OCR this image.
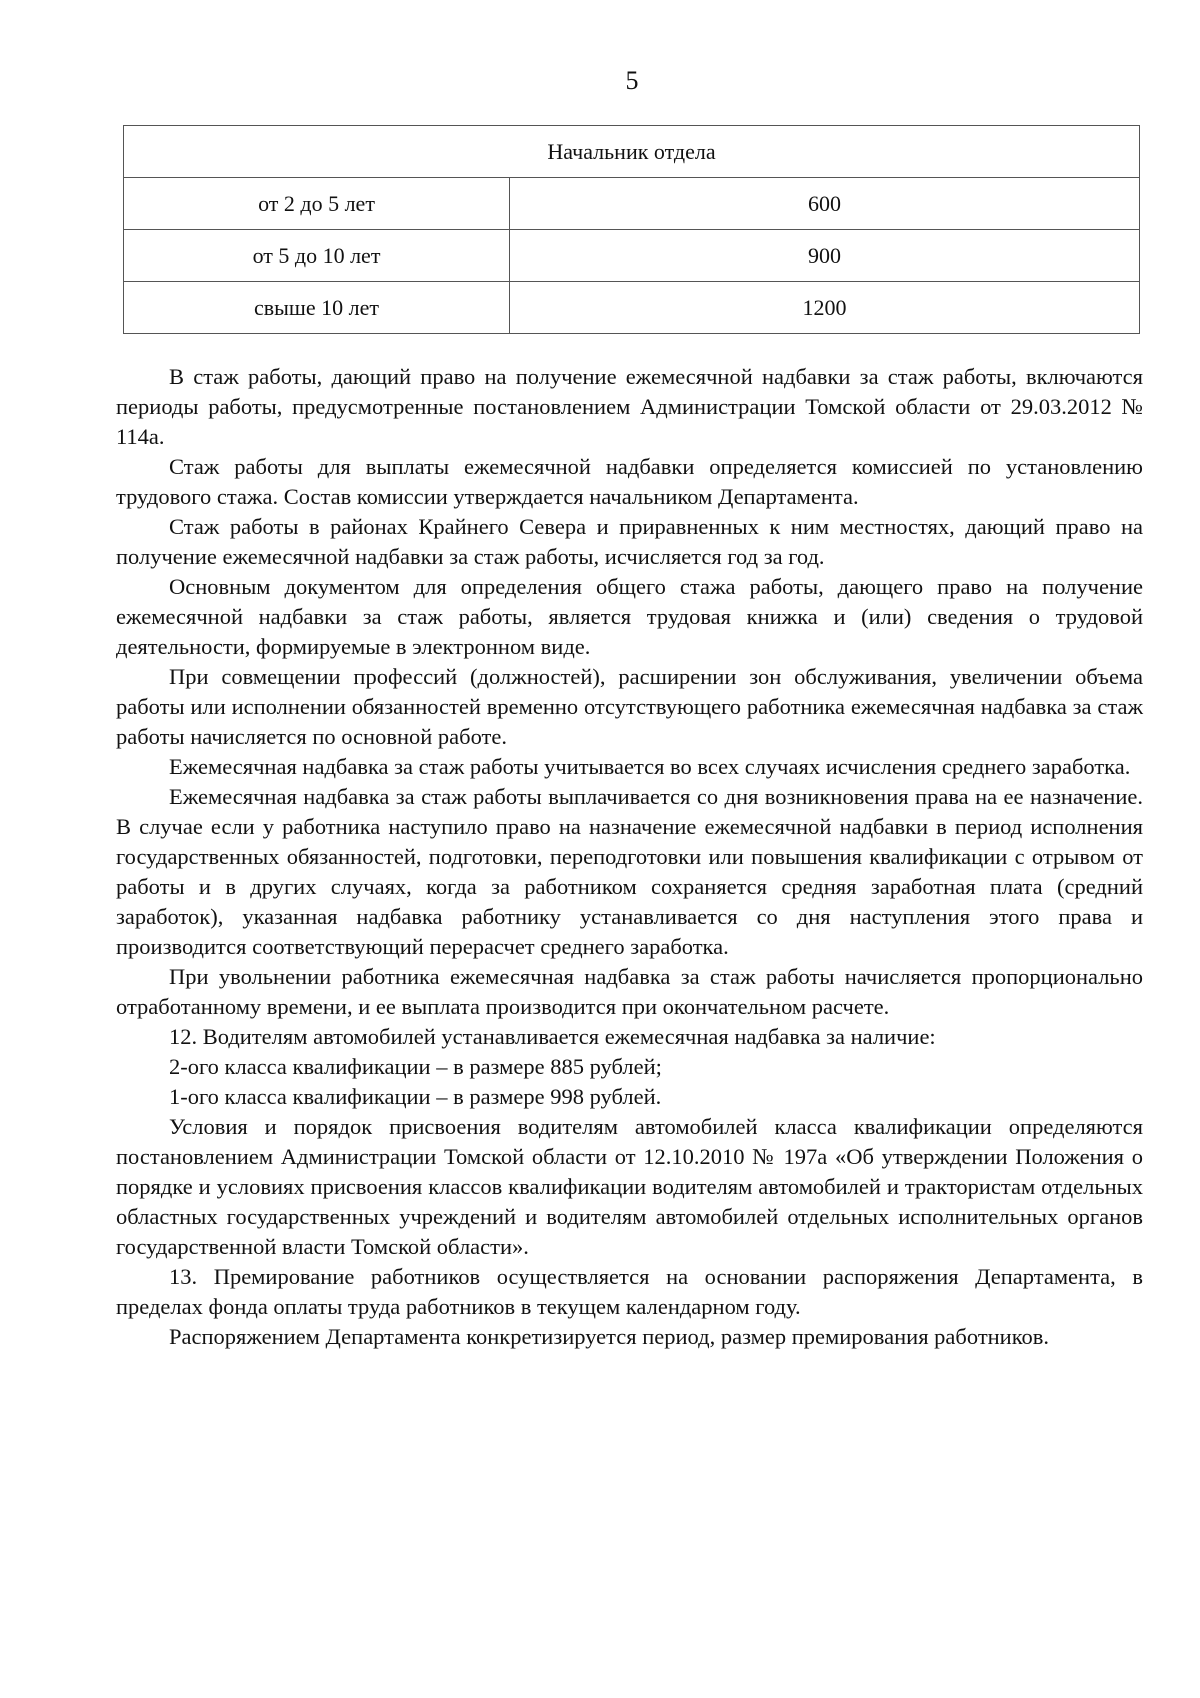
5
Начальник отдела	
от 2 до 5 лет	600
от 5 до 10 лет	900
свыше 10 лет	1200

В стаж работы, дающий право на получение ежемесячной надбавки за стаж работы, включаются периоды работы, предусмотренные постановлением Администрации Томской области от 29.03.2012 № 114а.

Стаж работы для выплаты ежемесячной надбавки определяется комиссией по установлению трудового стажа. Состав комиссии утверждается начальником Департамента.

Стаж работы в районах Крайнего Севера и приравненных к ним местностях, дающий право на получение ежемесячной надбавки за стаж работы, исчисляется год за год.

Основным документом для определения общего стажа работы, дающего право на получение ежемесячной надбавки за стаж работы, является трудовая книжка и (или) сведения о трудовой деятельности, формируемые в электронном виде.

При совмещении профессий (должностей), расширении зон обслуживания, увеличении объема работы или исполнении обязанностей временно отсутствующего работника ежемесячная надбавка за стаж работы начисляется по основной работе.

Ежемесячная надбавка за стаж работы учитывается во всех случаях исчисления среднего заработка.

Ежемесячная надбавка за стаж работы выплачивается со дня возникновения права на ее назначение. В случае если у работника наступило право на назначение ежемесячной надбавки в период исполнения государственных обязанностей, подготовки, переподготовки или повышения квалификации с отрывом от работы и в других случаях, когда за работником сохраняется средняя заработная плата (средний заработок), указанная надбавка работнику устанавливается со дня наступления этого права и производится соответствующий перерасчет среднего заработка.

При увольнении работника ежемесячная надбавка за стаж работы начисляется пропорционально отработанному времени, и ее выплата производится при окончательном расчете.

12. Водителям автомобилей устанавливается ежемесячная надбавка за наличие:

2-ого класса квалификации – в размере 885 рублей;

1-ого класса квалификации – в размере 998 рублей.

Условия и порядок присвоения водителям автомобилей класса квалификации определяются постановлением Администрации Томской области от 12.10.2010 № 197а «Об утверждении Положения о порядке и условиях присвоения классов квалификации водителям автомобилей и трактористам отдельных областных государственных учреждений и водителям автомобилей отдельных исполнительных органов государственной власти Томской области».

13. Премирование работников осуществляется на основании распоряжения Департамента, в пределах фонда оплаты труда работников в текущем календарном году.

Распоряжением Департамента конкретизируется период, размер премирования работников.
